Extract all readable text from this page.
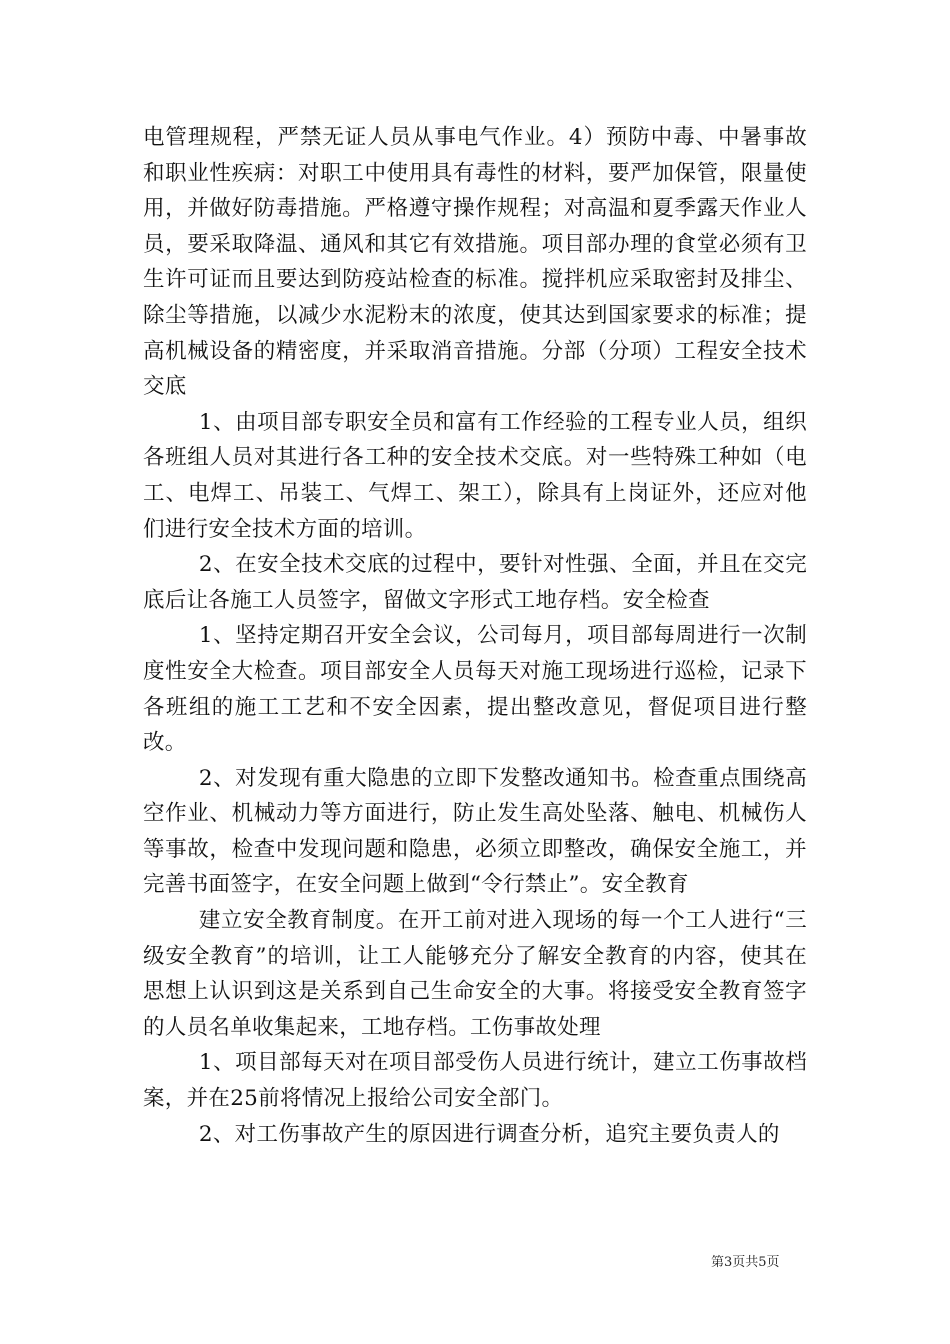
电管理规程，严禁无证人员从事电气作业。4）预防中毒、中暑事故和职业性疾病：对职工中使用具有毒性的材料，要严加保管，限量使用，并做好防毒措施。严格遵守操作规程；对高温和夏季露天作业人员，要采取降温、通风和其它有效措施。项目部办理的食堂必须有卫生许可证而且要达到防疫站检查的标准。搅拌机应采取密封及排尘、除尘等措施，以减少水泥粉末的浓度，使其达到国家要求的标准；提高机械设备的精密度，并采取消音措施。分部（分项）工程安全技术交底

1、由项目部专职安全员和富有工作经验的工程专业人员，组织各班组人员对其进行各工种的安全技术交底。对一些特殊工种如（电工、电焊工、吊装工、气焊工、架工），除具有上岗证外，还应对他们进行安全技术方面的培训。

2、在安全技术交底的过程中，要针对性强、全面，并且在交完底后让各施工人员签字，留做文字形式工地存档。安全检查

1、坚持定期召开安全会议，公司每月，项目部每周进行一次制度性安全大检查。项目部安全人员每天对施工现场进行巡检，记录下各班组的施工工艺和不安全因素，提出整改意见，督促项目进行整改。

2、对发现有重大隐患的立即下发整改通知书。检查重点围绕高空作业、机械动力等方面进行，防止发生高处坠落、触电、机械伤人等事故，检查中发现问题和隐患，必须立即整改，确保安全施工，并完善书面签字，在安全问题上做到“令行禁止”。安全教育

建立安全教育制度。在开工前对进入现场的每一个工人进行“三级安全教育”的培训，让工人能够充分了解安全教育的内容，使其在思想上认识到这是关系到自己生命安全的大事。将接受安全教育签字的人员名单收集起来，工地存档。工伤事故处理

1、项目部每天对在项目部受伤人员进行统计，建立工伤事故档案，并在25前将情况上报给公司安全部门。

2、对工伤事故产生的原因进行调查分析，追究主要负责人的

第3页共5页
